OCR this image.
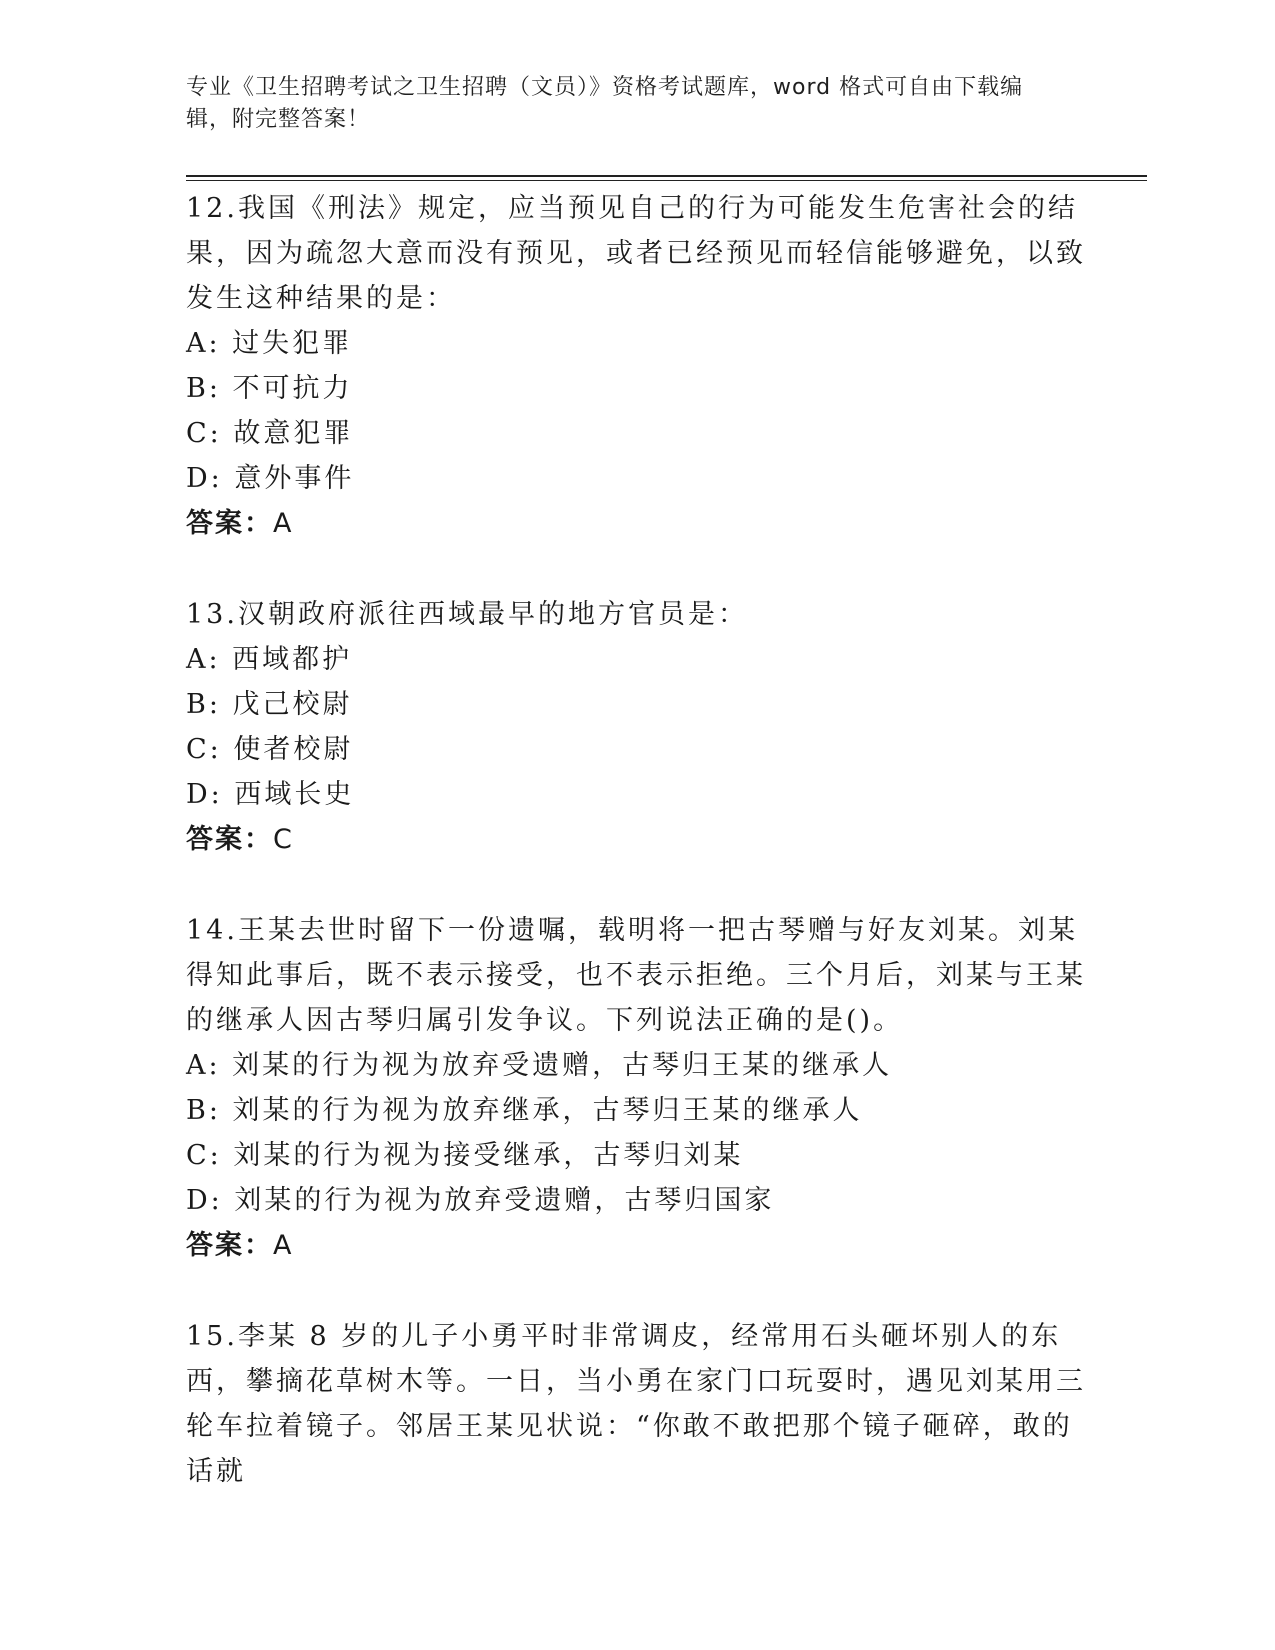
专业《卫生招聘考试之卫生招聘（文员）》资格考试题库，word 格式可自由下载编辑，附完整答案！

12.我国《刑法》规定，应当预见自己的行为可能发生危害社会的结果，因为疏忽大意而没有预见，或者已经预见而轻信能够避免，以致发生这种结果的是：

A: 过失犯罪

B: 不可抗力

C: 故意犯罪

D: 意外事件

答案：A

13.汉朝政府派往西域最早的地方官员是：

A: 西域都护

B: 戊己校尉

C: 使者校尉

D: 西域长史

答案：C

14.王某去世时留下一份遗嘱，载明将一把古琴赠与好友刘某。刘某得知此事后，既不表示接受，也不表示拒绝。三个月后，刘某与王某的继承人因古琴归属引发争议。下列说法正确的是()。

A: 刘某的行为视为放弃受遗赠，古琴归王某的继承人

B: 刘某的行为视为放弃继承，古琴归王某的继承人

C: 刘某的行为视为接受继承，古琴归刘某

D: 刘某的行为视为放弃受遗赠，古琴归国家

答案：A

15.李某 8 岁的儿子小勇平时非常调皮，经常用石头砸坏别人的东西，攀摘花草树木等。一日，当小勇在家门口玩耍时，遇见刘某用三轮车拉着镜子。邻居王某见状说：“你敢不敢把那个镜子砸碎，敢的话就
